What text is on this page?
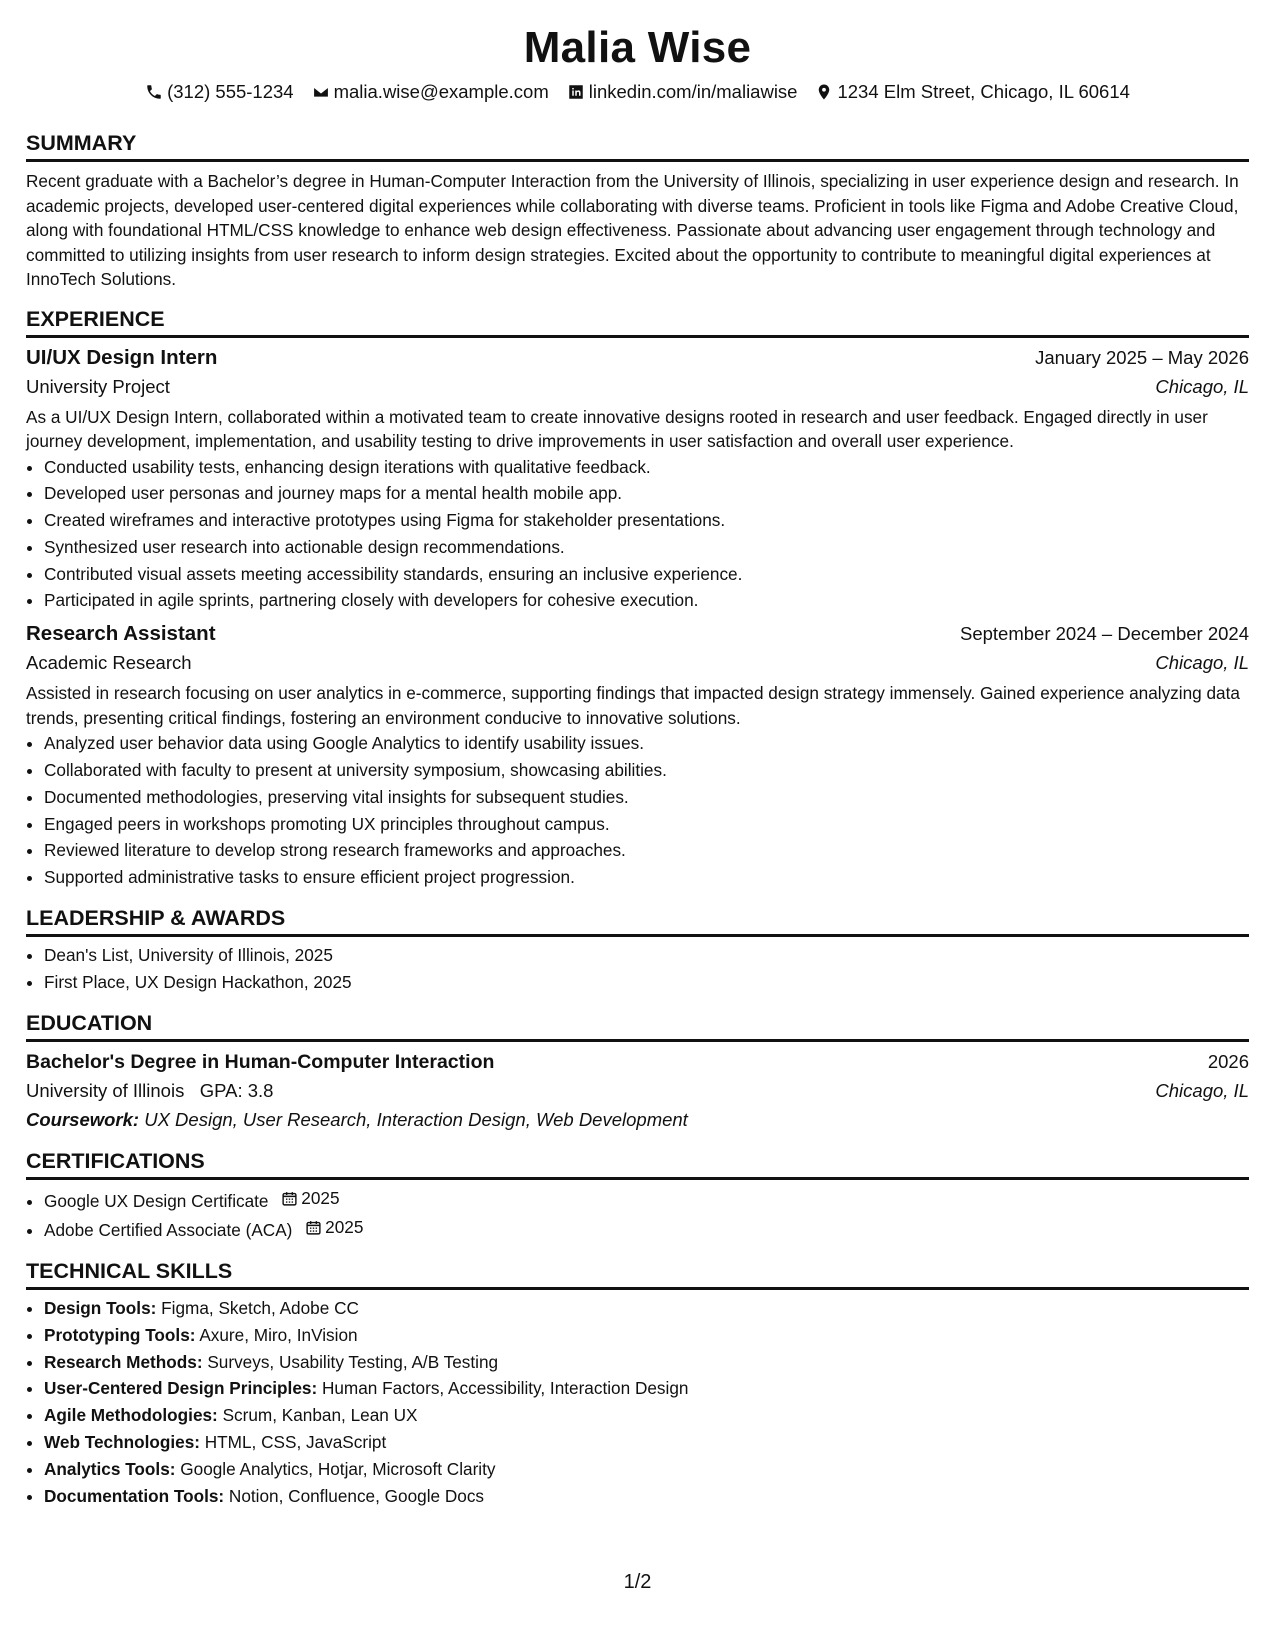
Malia Wise
(312) 555-1234 malia.wise@example.com linkedin.com/in/maliawise 1234 Elm Street, Chicago, IL 60614
SUMMARY
Recent graduate with a Bachelor’s degree in Human-Computer Interaction from the University of Illinois, specializing in user experience design and research. In academic projects, developed user-centered digital experiences while collaborating with diverse teams. Proficient in tools like Figma and Adobe Creative Cloud, along with foundational HTML/CSS knowledge to enhance web design effectiveness. Passionate about advancing user engagement through technology and committed to utilizing insights from user research to inform design strategies. Excited about the opportunity to contribute to meaningful digital experiences at InnoTech Solutions.
EXPERIENCE
UI/UX Design Intern	January 2025 – May 2026
University Project	Chicago, IL
As a UI/UX Design Intern, collaborated within a motivated team to create innovative designs rooted in research and user feedback. Engaged directly in user journey development, implementation, and usability testing to drive improvements in user satisfaction and overall user experience.
• Conducted usability tests, enhancing design iterations with qualitative feedback.
• Developed user personas and journey maps for a mental health mobile app.
• Created wireframes and interactive prototypes using Figma for stakeholder presentations.
• Synthesized user research into actionable design recommendations.
• Contributed visual assets meeting accessibility standards, ensuring an inclusive experience.
• Participated in agile sprints, partnering closely with developers for cohesive execution.
Research Assistant	September 2024 – December 2024
Academic Research	Chicago, IL
Assisted in research focusing on user analytics in e-commerce, supporting findings that impacted design strategy immensely. Gained experience analyzing data trends, presenting critical findings, fostering an environment conducive to innovative solutions.
• Analyzed user behavior data using Google Analytics to identify usability issues.
• Collaborated with faculty to present at university symposium, showcasing abilities.
• Documented methodologies, preserving vital insights for subsequent studies.
• Engaged peers in workshops promoting UX principles throughout campus.
• Reviewed literature to develop strong research frameworks and approaches.
• Supported administrative tasks to ensure efficient project progression.
LEADERSHIP & AWARDS
• Dean's List, University of Illinois, 2025
• First Place, UX Design Hackathon, 2025
EDUCATION
Bachelor's Degree in Human-Computer Interaction	2026
University of Illinois GPA: 3.8	Chicago, IL
Coursework: UX Design, User Research, Interaction Design, Web Development
CERTIFICATIONS
• Google UX Design Certificate 2025
• Adobe Certified Associate (ACA) 2025
TECHNICAL SKILLS
• Design Tools: Figma, Sketch, Adobe CC
• Prototyping Tools: Axure, Miro, InVision
• Research Methods: Surveys, Usability Testing, A/B Testing
• User-Centered Design Principles: Human Factors, Accessibility, Interaction Design
• Agile Methodologies: Scrum, Kanban, Lean UX
• Web Technologies: HTML, CSS, JavaScript
• Analytics Tools: Google Analytics, Hotjar, Microsoft Clarity
• Documentation Tools: Notion, Confluence, Google Docs
1/2
